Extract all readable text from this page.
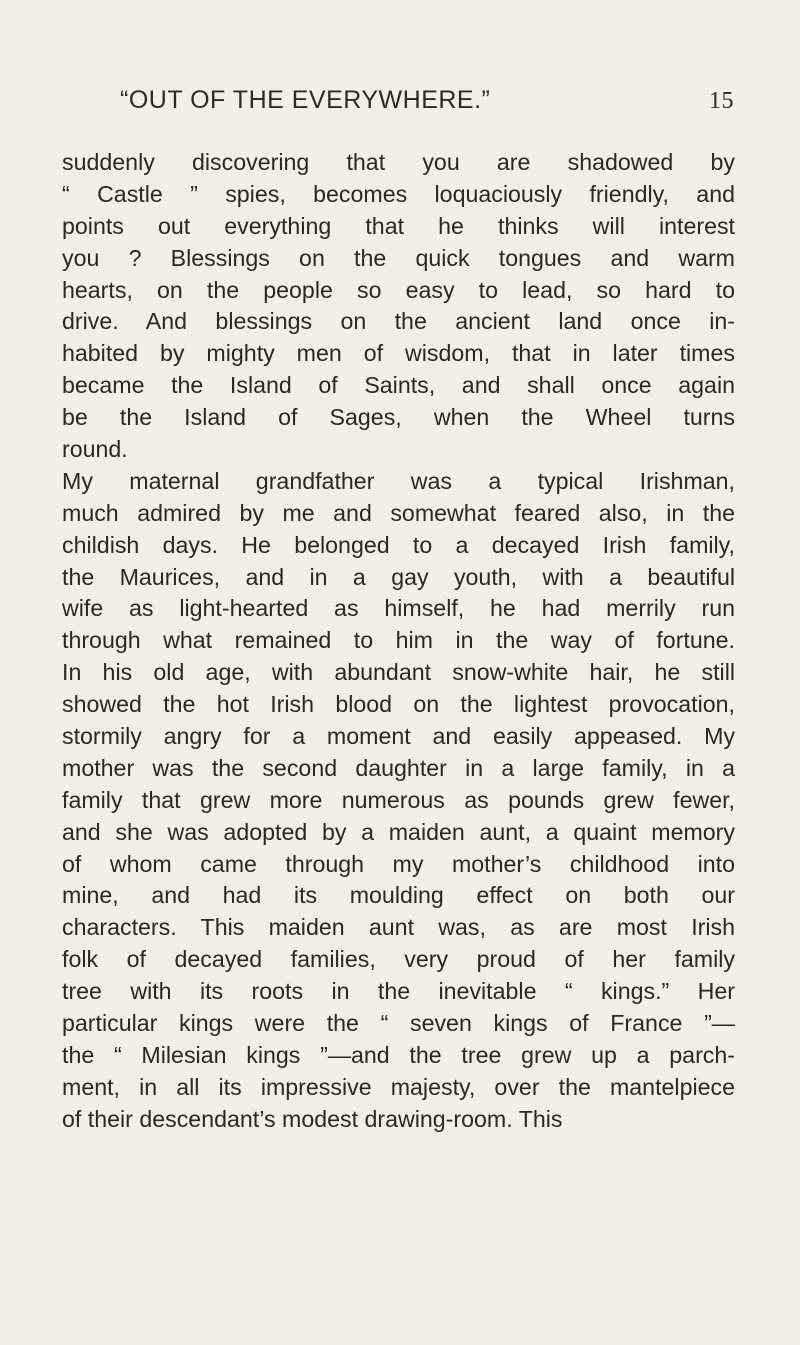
“OUT OF THE EVERYWHERE.”	15
suddenly discovering that you are shadowed by
“ Castle ” spies, becomes loquaciously friendly, and
points out everything that he thinks will interest
you ? Blessings on the quick tongues and warm
hearts, on the people so easy to lead, so hard to
drive. And blessings on the ancient land once in-
habited by mighty men of wisdom, that in later times
became the Island of Saints, and shall once again
be the Island of Sages, when the Wheel turns
round.
My maternal grandfather was a typical Irishman,
much admired by me and somewhat feared also, in the
childish days. He belonged to a decayed Irish family,
the Maurices, and in a gay youth, with a beautiful
wife as light-hearted as himself, he had merrily run
through what remained to him in the way of fortune.
In his old age, with abundant snow-white hair, he still
showed the hot Irish blood on the lightest provocation,
stormily angry for a moment and easily appeased. My
mother was the second daughter in a large family, in a
family that grew more numerous as pounds grew fewer,
and she was adopted by a maiden aunt, a quaint memory
of whom came through my mother’s childhood into
mine, and had its moulding effect on both our
characters. This maiden aunt was, as are most Irish
folk of decayed families, very proud of her family
tree with its roots in the inevitable “ kings.” Her
particular kings were the “ seven kings of France ”—
the “ Milesian kings ”—and the tree grew up a parch-
ment, in all its impressive majesty, over the mantelpiece
of their descendant’s modest drawing-room. This
